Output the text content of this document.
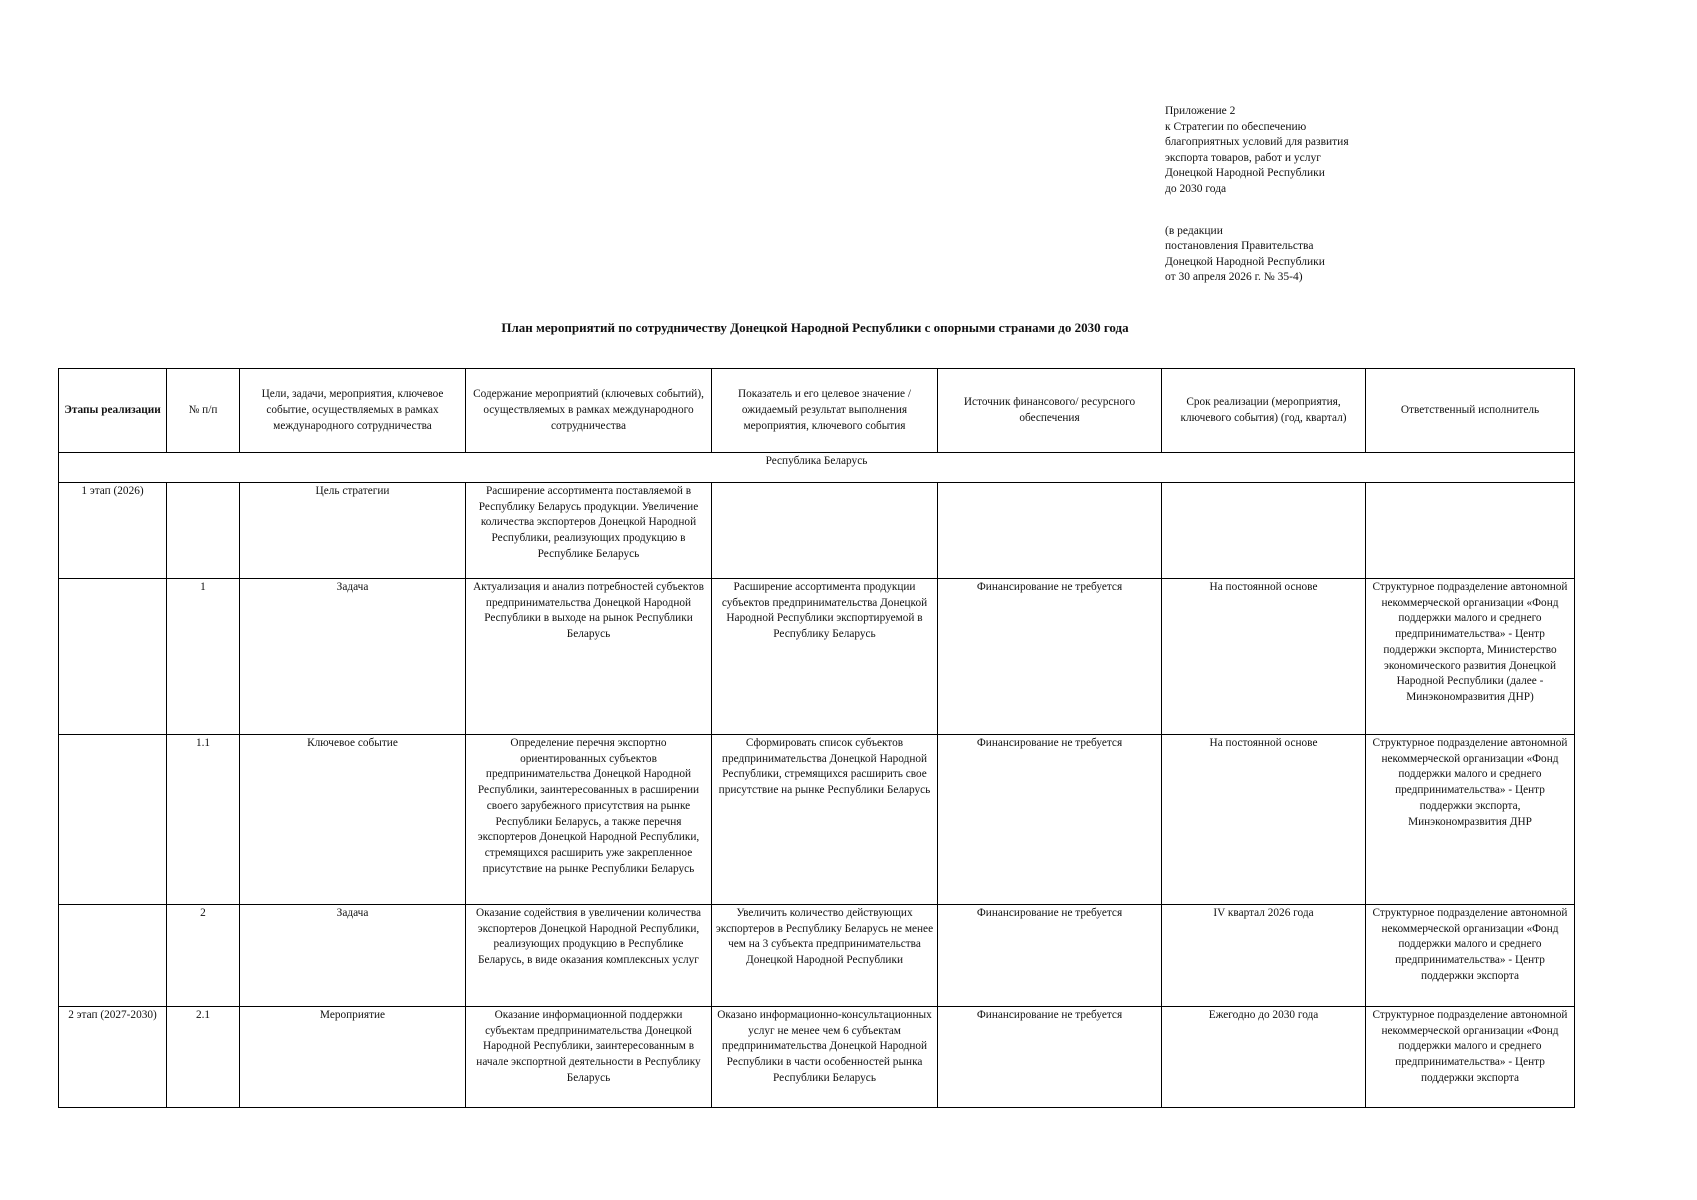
Приложение 2
к Стратегии по обеспечению
благоприятных условий для развития
экспорта товаров, работ и услуг
Донецкой Народной Республики
до 2030 года
(в редакции
постановления Правительства
Донецкой Народной Республики
от 30 апреля 2026 г. № 35-4)
План мероприятий по сотрудничеству Донецкой Народной Республики с опорными странами до 2030 года
Этапы реализации	№ п/п	Цели, задачи, мероприятия, ключевое событие, осуществляемых в рамках международного сотрудничества	Содержание мероприятий (ключевых событий), осуществляемых в рамках международного сотрудничества	Показатель и его целевое значение / ожидаемый результат выполнения мероприятия, ключевого события	Источник финансового/ ресурсного обеспечения	Срок реализации (мероприятия, ключевого события) (год, квартал)	Ответственный исполнитель
Республика Беларусь							
1 этап (2026)		Цель стратегии	Расширение ассортимента поставляемой в Республику Беларусь продукции. Увеличение количества экспортеров Донецкой Народной Республики, реализующих продукцию в Республике Беларусь				
	1	Задача	Актуализация и анализ потребностей субъектов предпринимательства Донецкой Народной Республики в выходе на рынок Республики Беларусь	Расширение ассортимента продукции субъектов предпринимательства Донецкой Народной Республики экспортируемой в Республику Беларусь	Финансирование не требуется	На постоянной основе	Структурное подразделение автономной некоммерческой организации «Фонд поддержки малого и среднего предпринимательства» - Центр поддержки экспорта, Министерство экономического развития Донецкой Народной Республики (далее - Минэкономразвития ДНР)
	1.1	Ключевое событие	Определение перечня экспортно ориентированных субъектов предпринимательства Донецкой Народной Республики, заинтересованных в расширении своего зарубежного присутствия на рынке Республики Беларусь, а также перечня экспортеров Донецкой Народной Республики, стремящихся расширить уже закрепленное присутствие на рынке Республики Беларусь	Сформировать список субъектов предпринимательства Донецкой Народной Республики, стремящихся расширить свое присутствие на рынке Республики Беларусь	Финансирование не требуется	На постоянной основе	Структурное подразделение автономной некоммерческой организации «Фонд поддержки малого и среднего предпринимательства» - Центр поддержки экспорта, Минэкономразвития ДНР
	2	Задача	Оказание содействия в увеличении количества экспортеров Донецкой Народной Республики, реализующих продукцию в Республике Беларусь, в виде оказания комплексных услуг	Увеличить количество действующих экспортеров в Республику Беларусь не менее чем на 3 субъекта предпринимательства Донецкой Народной Республики	Финансирование не требуется	IV квартал 2026 года	Структурное подразделение автономной некоммерческой организации «Фонд поддержки малого и среднего предпринимательства» - Центр поддержки экспорта
2 этап (2027-2030)	2.1	Мероприятие	Оказание информационной поддержки субъектам предпринимательства Донецкой Народной Республики, заинтересованным в начале экспортной деятельности в Республику Беларусь	Оказано информационно-консультационных услуг не менее чем 6 субъектам предпринимательства Донецкой Народной Республики в части особенностей рынка Республики Беларусь	Финансирование не требуется	Ежегодно до 2030 года	Структурное подразделение автономной некоммерческой организации «Фонд поддержки малого и среднего предпринимательства» - Центр поддержки экспорта
